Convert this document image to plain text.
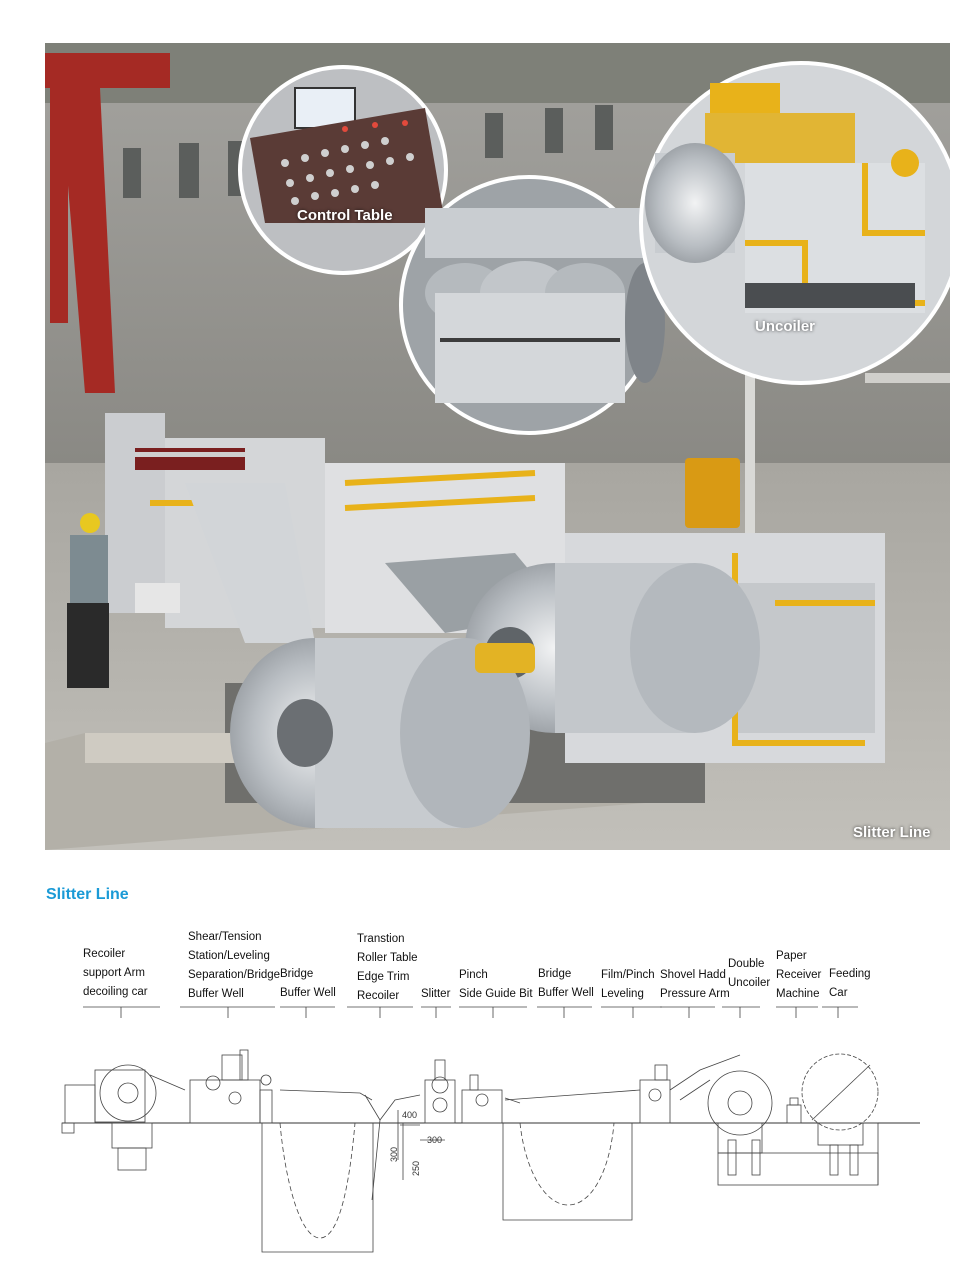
Control Table
Uncoiler
Slitter Line
Slitter Line
Recoiler
support Arm
decoiling car
Shear/Tension
Station/Leveling
Separation/Bridge
Buffer Well
Bridge
Buffer Well
Transtion
Roller Table
Edge Trim
Recoiler	Slitter
Pinch
Side Guide Bit
Bridge
Buffer Well
Film/Pinch
Leveling
Shovel Hadd
Pressure Arm
Double
Uncoiler
Paper
Receiver
Machine
Feeding
Car
400
300
300
250
